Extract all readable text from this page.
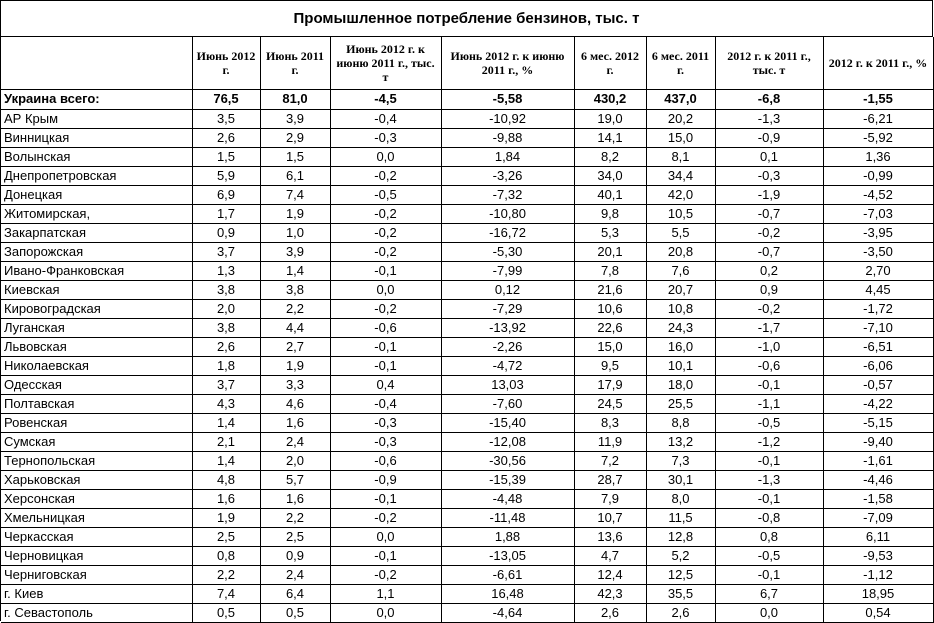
Промышленное потребление бензинов, тыс. т
	Июнь 2012 г.	Июнь 2011 г.	Июнь 2012 г. к июню 2011 г., тыс. т	Июнь 2012 г. к июню 2011 г., %	6 мес. 2012 г.	6 мес. 2011 г.	2012 г. к 2011 г., тыс. т	2012 г. к 2011 г., %
Украина всего:	76,5	81,0	-4,5	-5,58	430,2	437,0	-6,8	-1,55
АР Крым	3,5	3,9	-0,4	-10,92	19,0	20,2	-1,3	-6,21
Винницкая	2,6	2,9	-0,3	-9,88	14,1	15,0	-0,9	-5,92
Волынская	1,5	1,5	0,0	1,84	8,2	8,1	0,1	1,36
Днепропетровская	5,9	6,1	-0,2	-3,26	34,0	34,4	-0,3	-0,99
Донецкая	6,9	7,4	-0,5	-7,32	40,1	42,0	-1,9	-4,52
Житомирская,	1,7	1,9	-0,2	-10,80	9,8	10,5	-0,7	-7,03
Закарпатская	0,9	1,0	-0,2	-16,72	5,3	5,5	-0,2	-3,95
Запорожская	3,7	3,9	-0,2	-5,30	20,1	20,8	-0,7	-3,50
Ивано-Франковская	1,3	1,4	-0,1	-7,99	7,8	7,6	0,2	2,70
Киевская	3,8	3,8	0,0	0,12	21,6	20,7	0,9	4,45
Кировоградская	2,0	2,2	-0,2	-7,29	10,6	10,8	-0,2	-1,72
Луганская	3,8	4,4	-0,6	-13,92	22,6	24,3	-1,7	-7,10
Львовская	2,6	2,7	-0,1	-2,26	15,0	16,0	-1,0	-6,51
Николаевская	1,8	1,9	-0,1	-4,72	9,5	10,1	-0,6	-6,06
Одесская	3,7	3,3	0,4	13,03	17,9	18,0	-0,1	-0,57
Полтавская	4,3	4,6	-0,4	-7,60	24,5	25,5	-1,1	-4,22
Ровенская	1,4	1,6	-0,3	-15,40	8,3	8,8	-0,5	-5,15
Сумская	2,1	2,4	-0,3	-12,08	11,9	13,2	-1,2	-9,40
Тернопольская	1,4	2,0	-0,6	-30,56	7,2	7,3	-0,1	-1,61
Харьковская	4,8	5,7	-0,9	-15,39	28,7	30,1	-1,3	-4,46
Херсонская	1,6	1,6	-0,1	-4,48	7,9	8,0	-0,1	-1,58
Хмельницкая	1,9	2,2	-0,2	-11,48	10,7	11,5	-0,8	-7,09
Черкасская	2,5	2,5	0,0	1,88	13,6	12,8	0,8	6,11
Черновицкая	0,8	0,9	-0,1	-13,05	4,7	5,2	-0,5	-9,53
Черниговская	2,2	2,4	-0,2	-6,61	12,4	12,5	-0,1	-1,12
г. Киев	7,4	6,4	1,1	16,48	42,3	35,5	6,7	18,95
г. Севастополь	0,5	0,5	0,0	-4,64	2,6	2,6	0,0	0,54
